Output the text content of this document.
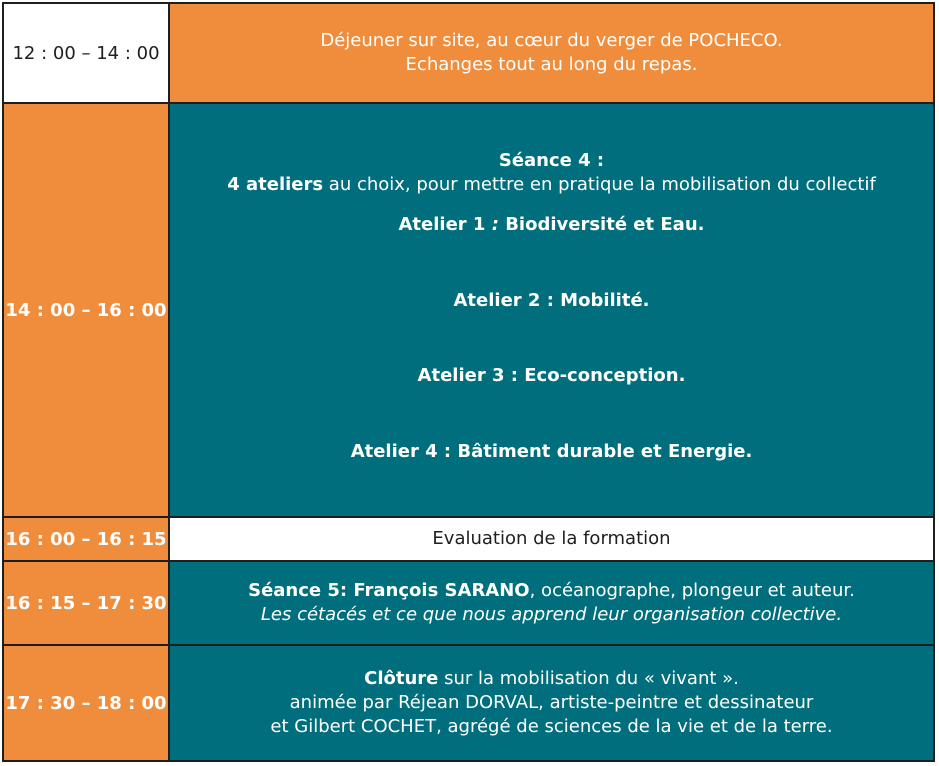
12 : 00 – 14 : 00
Déjeuner sur site, au cœur du verger de POCHECO.
Echanges tout au long du repas.
14 : 00 – 16 : 00
Séance 4 :
4 ateliers au choix, pour mettre en pratique la mobilisation du collectif
Atelier 1 : Biodiversité et Eau.
Atelier 2 : Mobilité.
Atelier 3 : Eco-conception.
Atelier 4 : Bâtiment durable et Energie.
16 : 00 – 16 : 15	Evaluation de la formation
16 : 15 – 17 : 30
Séance 5: François SARANO, océanographe, plongeur et auteur.
Les cétacés et ce que nous apprend leur organisation collective.
17 : 30 – 18 : 00
Clôture sur la mobilisation du « vivant ».
animée par Réjean DORVAL, artiste-peintre et dessinateur
et Gilbert COCHET, agrégé de sciences de la vie et de la terre.
